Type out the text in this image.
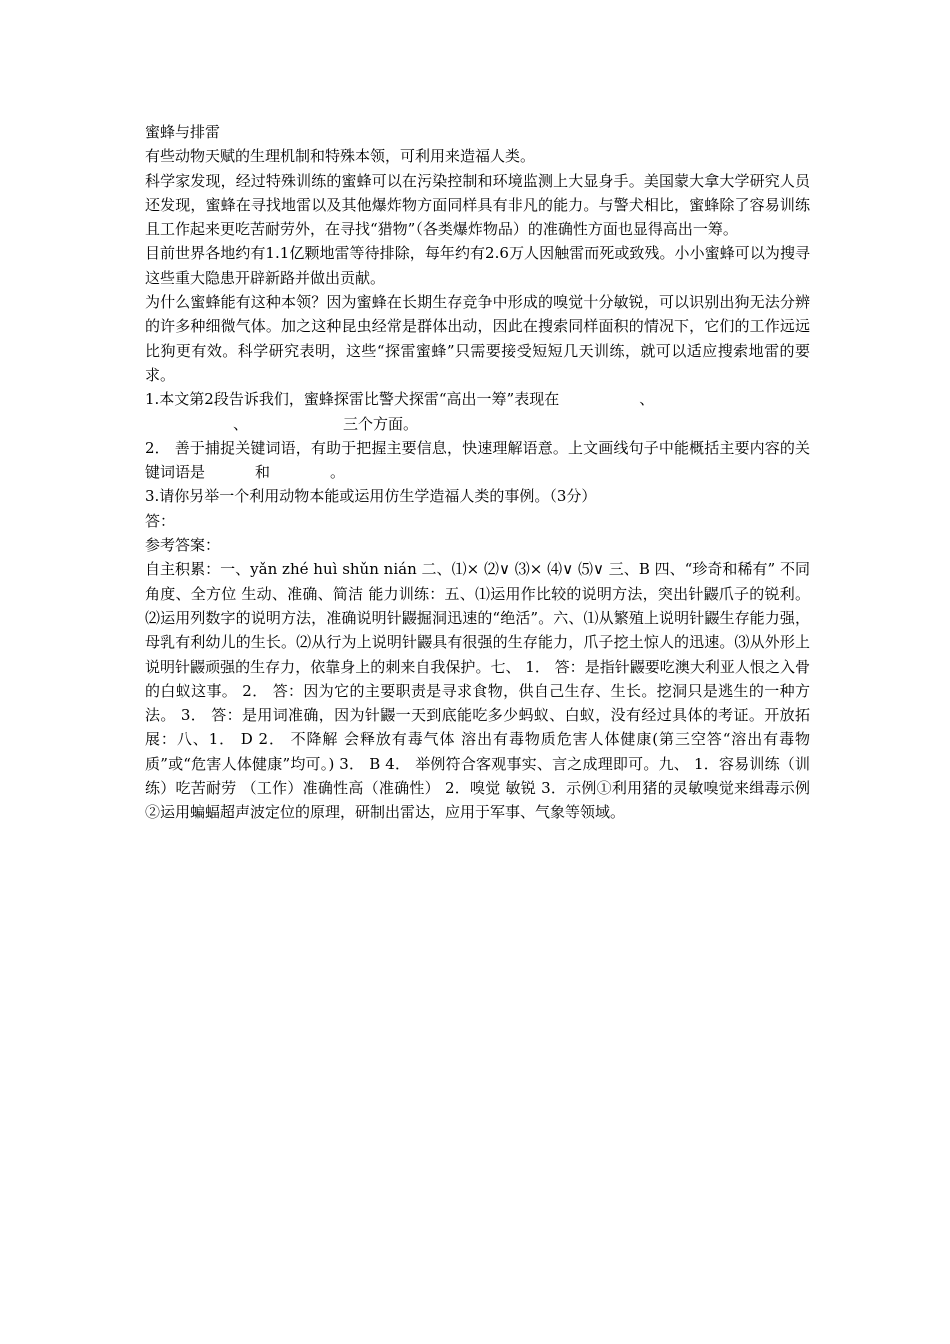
蜜蜂与排雷

有些动物天赋的生理机制和特殊本领，可利用来造福人类。

科学家发现，经过特殊训练的蜜蜂可以在污染控制和环境监测上大显身手。美国蒙大拿大学研究人员还发现，蜜蜂在寻找地雷以及其他爆炸物方面同样具有非凡的能力。与警犬相比，蜜蜂除了容易训练且工作起来更吃苦耐劳外，在寻找“猎物”（各类爆炸物品）的准确性方面也显得高出一筹。

目前世界各地约有1.1亿颗地雷等待排除，每年约有2.6万人因触雷而死或致残。小小蜜蜂可以为搜寻这些重大隐患开辟新路并做出贡献。

为什么蜜蜂能有这种本领？因为蜜蜂在长期生存竞争中形成的嗅觉十分敏锐，可以识别出狗无法分辨的许多种细微气体。加之这种昆虫经常是群体出动，因此在搜索同样面积的情况下，它们的工作远远比狗更有效。科学研究表明，这些“探雷蜜蜂”只需要接受短短几天训练，就可以适应搜索地雷的要求。

1.本文第2段告诉我们，蜜蜂探雷比警犬探雷“高出一筹”表现在	、
、	三个方面。

2． 善于捕捉关键词语，有助于把握主要信息，快速理解语意。上文画线句子中能概括主要内容的关键词语是	和	。

3.请你另举一个利用动物本能或运用仿生学造福人类的事例。（3分）

答：

参考答案：

自主积累：一、yǎn zhé huì shǔn nián 二、⑴× ⑵∨ ⑶× ⑷∨ ⑸∨ 三、B 四、“珍奇和稀有” 不同角度、全方位 生动、准确、简洁 能力训练：五、⑴运用作比较的说明方法，突出针鼹爪子的锐利。⑵运用列数字的说明方法，准确说明针鼹掘洞迅速的“绝活”。六、⑴从繁殖上说明针鼹生存能力强，母乳有利幼儿的生长。⑵从行为上说明针鼹具有很强的生存能力，爪子挖土惊人的迅速。⑶从外形上说明针鼹顽强的生存力，依靠身上的刺来自我保护。七、 1． 答：是指针鼹要吃澳大利亚人恨之入骨的白蚁这事。 2． 答：因为它的主要职责是寻求食物，供自己生存、生长。挖洞只是逃生的一种方法。 3． 答：是用词准确，因为针鼹一天到底能吃多少蚂蚁、白蚁，没有经过具体的考证。开放拓展：八、1． D 2． 不降解 会释放有毒气体 溶出有毒物质危害人体健康(第三空答“溶出有毒物质”或“危害人体健康”均可。) 3． B 4． 举例符合客观事实、言之成理即可。九、 1．容易训练（训练）吃苦耐劳 （工作）准确性高（准确性） 2．嗅觉 敏锐 3．示例①利用猪的灵敏嗅觉来缉毒示例 ②运用蝙蝠超声波定位的原理，研制出雷达，应用于军事、气象等领域。
